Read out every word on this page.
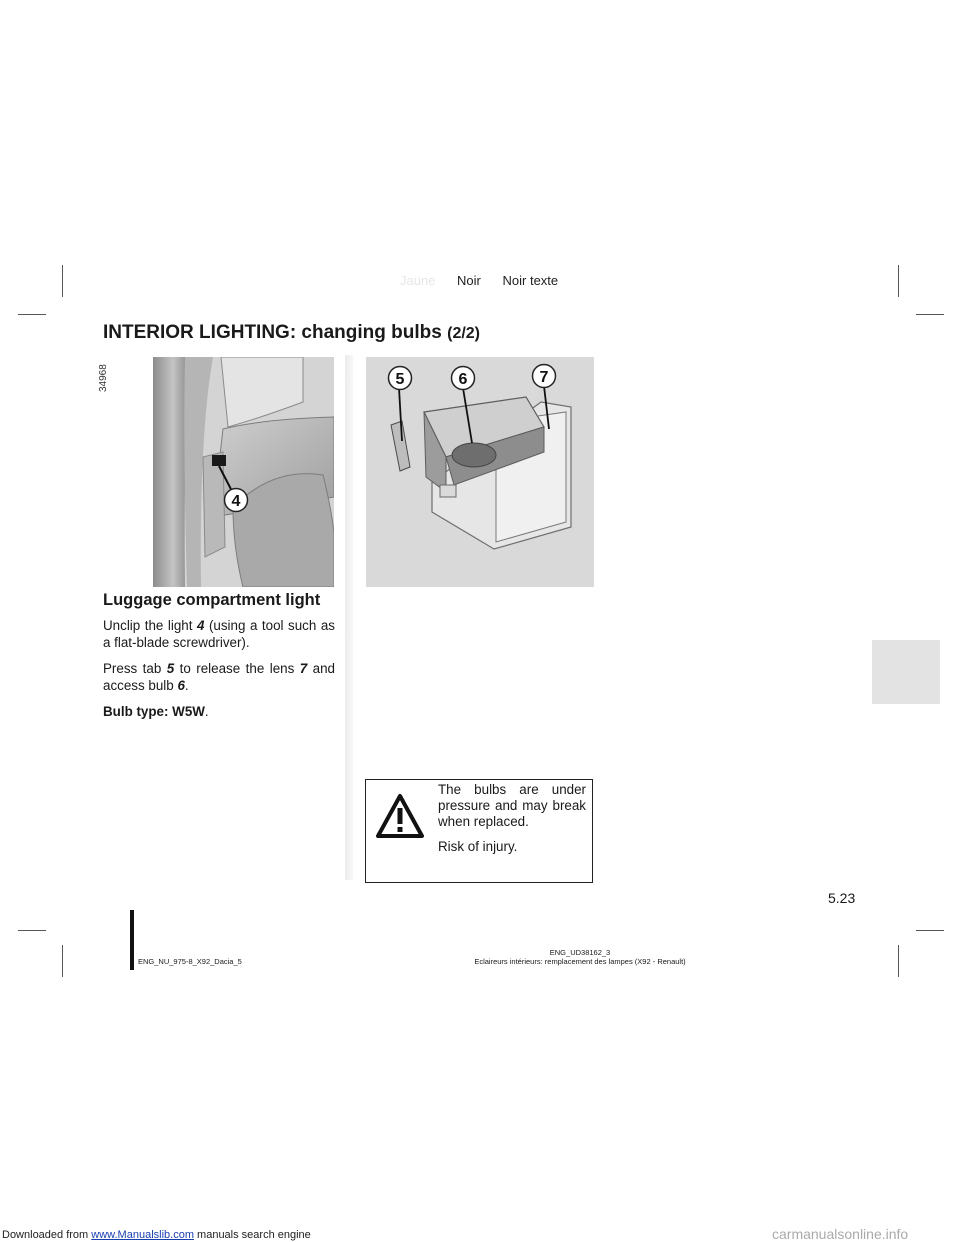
Jaune Noir Noir texte
INTERIOR LIGHTING: changing bulbs (2/2)
34968
4
5	6	7
Luggage compartment light

Unclip the light 4 (using a tool such as a flat-blade screwdriver).

Press tab 5 to release the lens 7 and access bulb 6.

Bulb type: W5W.

The bulbs are under pressure and may break when replaced.

Risk of injury.

5.23
ENG_NU_975-8_X92_Dacia_5
ENG_UD38162_3
Eclaireurs intérieurs: remplacement des lampes (X92 - Renault)
Downloaded from www.Manualslib.com manuals search engine	carmanualsonline.info
